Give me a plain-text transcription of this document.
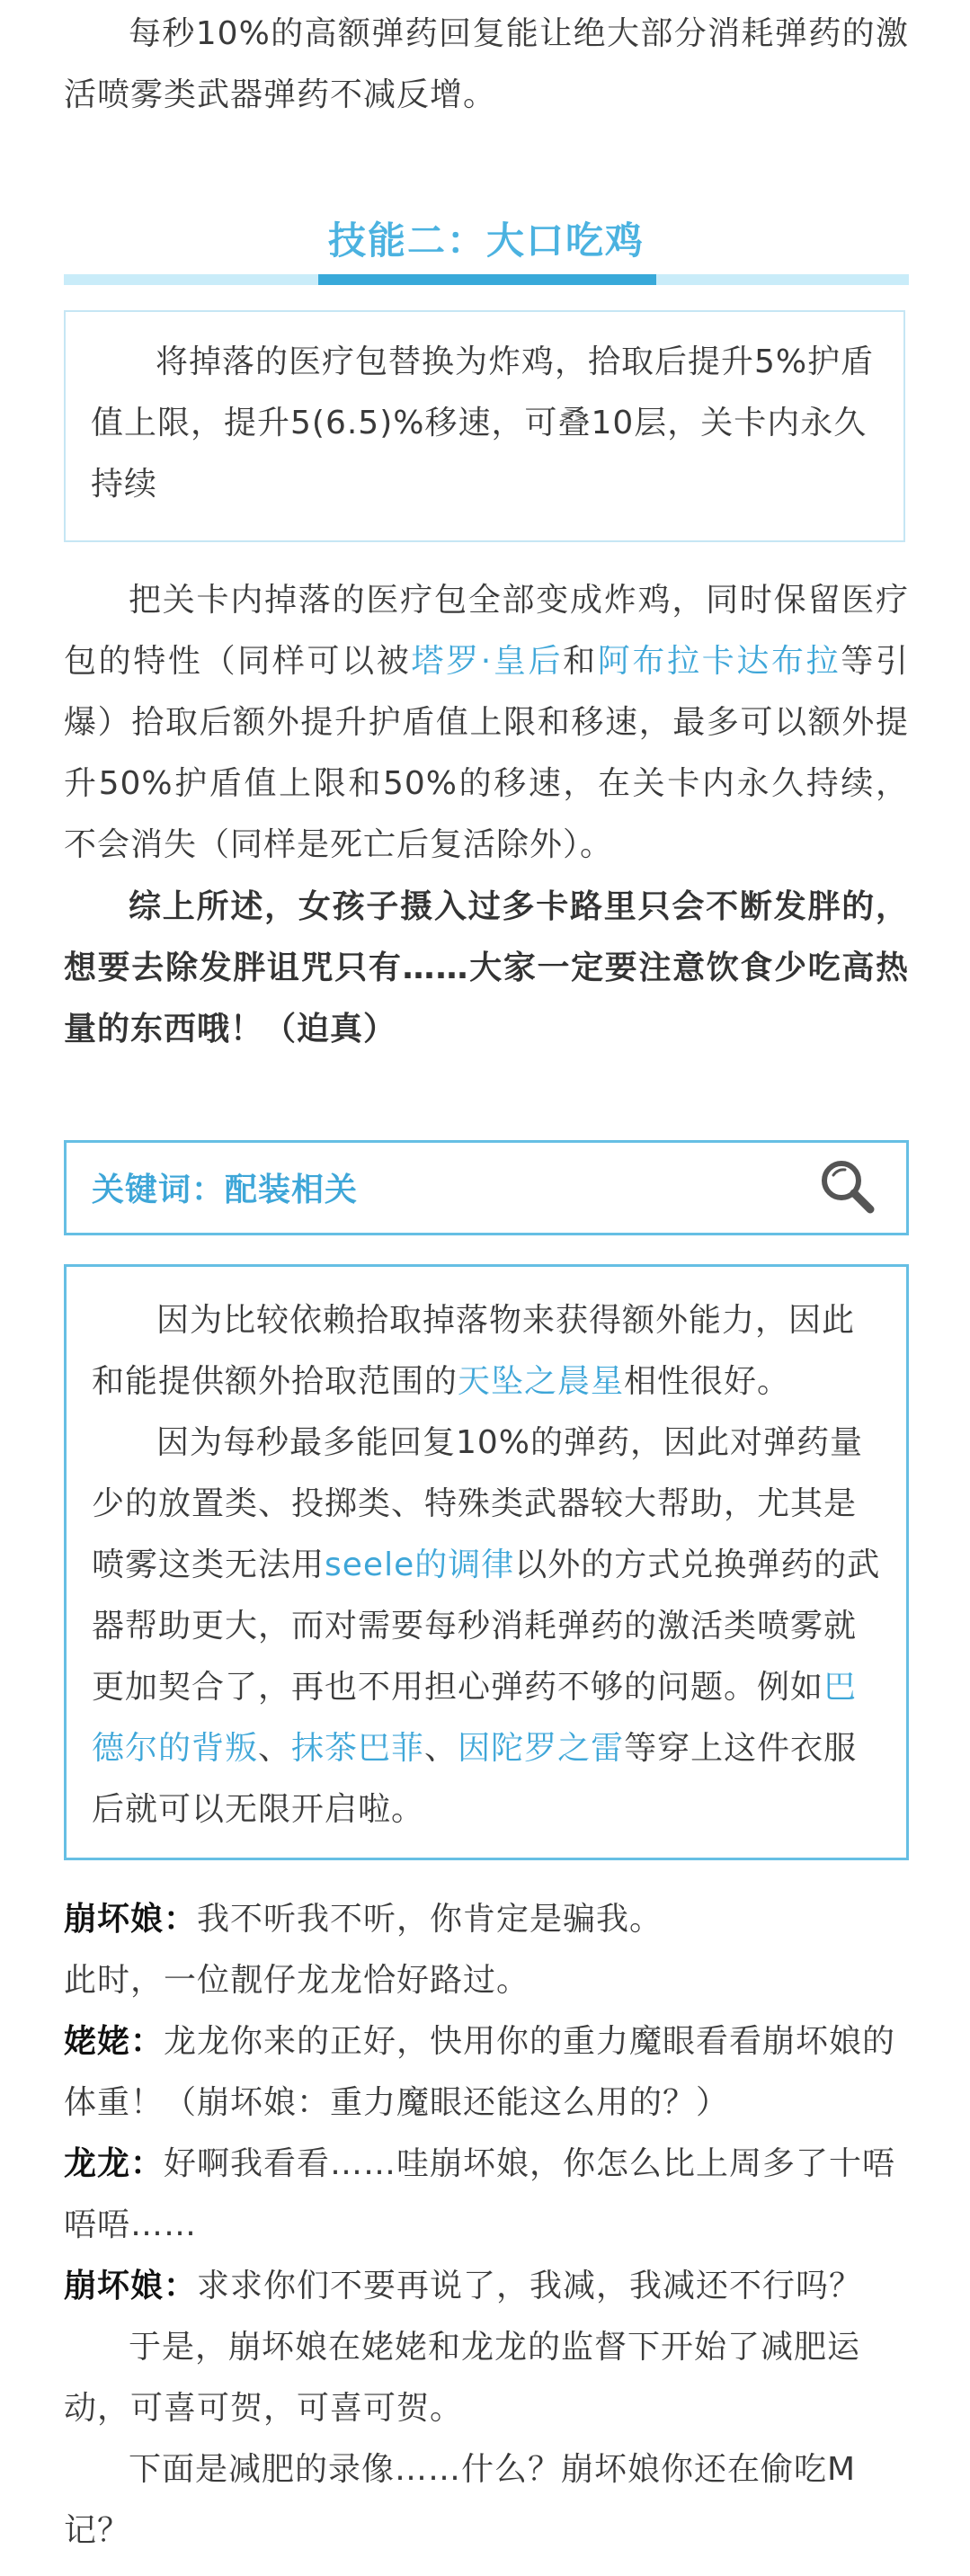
每秒10%的高额弹药回复能让绝大部分消耗弹药的激活喷雾类武器弹药不减反增。

技能二：大口吃鸡

将掉落的医疗包替换为炸鸡，拾取后提升5%护盾值上限，提升5(6.5)%移速，可叠10层，关卡内永久持续

把关卡内掉落的医疗包全部变成炸鸡，同时保留医疗包的特性（同样可以被塔罗·皇后和阿布拉卡达布拉等引爆）拾取后额外提升护盾值上限和移速，最多可以额外提升50%护盾值上限和50%的移速，在关卡内永久持续，不会消失（同样是死亡后复活除外）。

综上所述，女孩子摄入过多卡路里只会不断发胖的，想要去除发胖诅咒只有……大家一定要注意饮食少吃高热量的东西哦！（迫真）

关键词：配装相关

因为比较依赖拾取掉落物来获得额外能力，因此和能提供额外拾取范围的天坠之晨星相性很好。

因为每秒最多能回复10%的弹药，因此对弹药量少的放置类、投掷类、特殊类武器较大帮助，尤其是喷雾这类无法用seele的调律以外的方式兑换弹药的武器帮助更大，而对需要每秒消耗弹药的激活类喷雾就更加契合了，再也不用担心弹药不够的问题。例如巴德尔的背叛、抹茶巴菲、因陀罗之雷等穿上这件衣服后就可以无限开启啦。

崩坏娘：我不听我不听，你肯定是骗我。

此时，一位靓仔龙龙恰好路过。

姥姥：龙龙你来的正好，快用你的重力魔眼看看崩坏娘的体重！（崩坏娘：重力魔眼还能这么用的？）

龙龙：好啊我看看……哇崩坏娘，你怎么比上周多了十唔唔唔……

崩坏娘：求求你们不要再说了，我减，我减还不行吗？

于是，崩坏娘在姥姥和龙龙的监督下开始了减肥运动，可喜可贺，可喜可贺。

下面是减肥的录像……什么？崩坏娘你还在偷吃M记？
